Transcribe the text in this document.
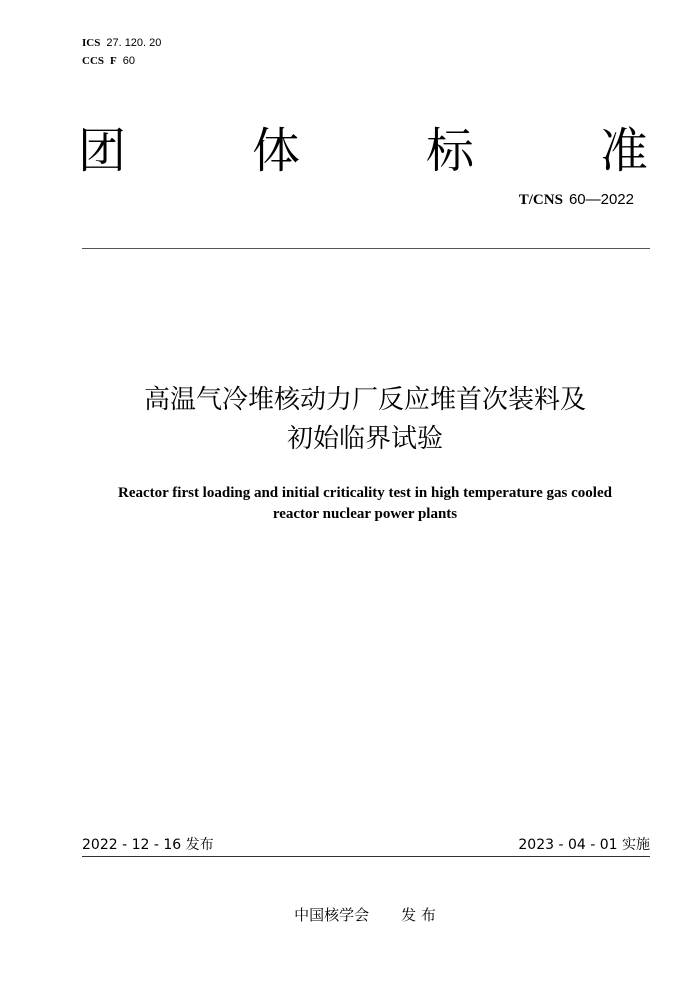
ICS 27. 120. 20
CCS F 60
团	体	标	准
T/CNS 60—2022
高温气冷堆核动力厂反应堆首次装料及
初始临界试验
Reactor first loading and initial criticality test in high temperature gas cooled
reactor nuclear power plants
2022 - 12 - 16 发布	2023 - 04 - 01 实施
中国核学会 发 布
